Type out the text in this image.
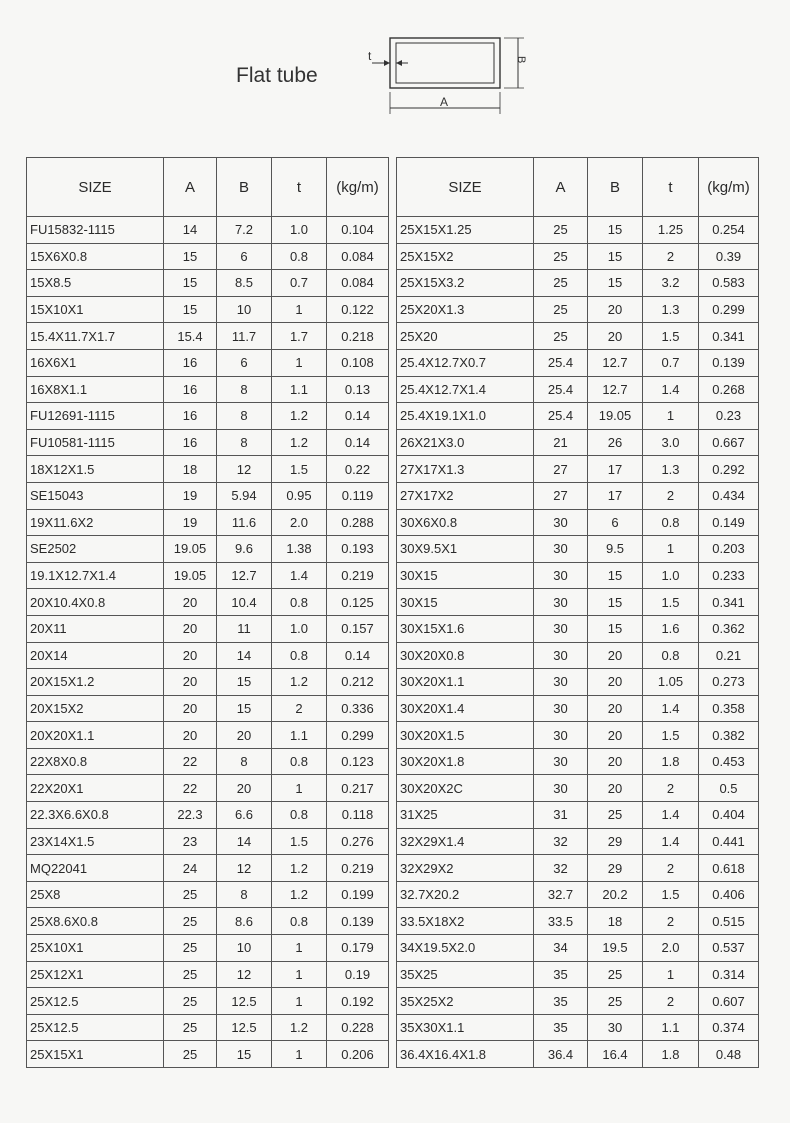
Flat tube
t
A
B
SIZE	A	B	t	(kg/m)
FU15832-1115	14	7.2	1.0	0.104
15X6X0.8	15	6	0.8	0.084
15X8.5	15	8.5	0.7	0.084
15X10X1	15	10	1	0.122
15.4X11.7X1.7	15.4	11.7	1.7	0.218
16X6X1	16	6	1	0.108
16X8X1.1	16	8	1.1	0.13
FU12691-1115	16	8	1.2	0.14
FU10581-1115	16	8	1.2	0.14
18X12X1.5	18	12	1.5	0.22
SE15043	19	5.94	0.95	0.119
19X11.6X2	19	11.6	2.0	0.288
SE2502	19.05	9.6	1.38	0.193
19.1X12.7X1.4	19.05	12.7	1.4	0.219
20X10.4X0.8	20	10.4	0.8	0.125
20X11	20	11	1.0	0.157
20X14	20	14	0.8	0.14
20X15X1.2	20	15	1.2	0.212
20X15X2	20	15	2	0.336
20X20X1.1	20	20	1.1	0.299
22X8X0.8	22	8	0.8	0.123
22X20X1	22	20	1	0.217
22.3X6.6X0.8	22.3	6.6	0.8	0.118
23X14X1.5	23	14	1.5	0.276
MQ22041	24	12	1.2	0.219
25X8	25	8	1.2	0.199
25X8.6X0.8	25	8.6	0.8	0.139
25X10X1	25	10	1	0.179
25X12X1	25	12	1	0.19
25X12.5	25	12.5	1	0.192
25X12.5	25	12.5	1.2	0.228
25X15X1	25	15	1	0.206
SIZE	A	B	t	(kg/m)
25X15X1.25	25	15	1.25	0.254
25X15X2	25	15	2	0.39
25X15X3.2	25	15	3.2	0.583
25X20X1.3	25	20	1.3	0.299
25X20	25	20	1.5	0.341
25.4X12.7X0.7	25.4	12.7	0.7	0.139
25.4X12.7X1.4	25.4	12.7	1.4	0.268
25.4X19.1X1.0	25.4	19.05	1	0.23
26X21X3.0	21	26	3.0	0.667
27X17X1.3	27	17	1.3	0.292
27X17X2	27	17	2	0.434
30X6X0.8	30	6	0.8	0.149
30X9.5X1	30	9.5	1	0.203
30X15	30	15	1.0	0.233
30X15	30	15	1.5	0.341
30X15X1.6	30	15	1.6	0.362
30X20X0.8	30	20	0.8	0.21
30X20X1.1	30	20	1.05	0.273
30X20X1.4	30	20	1.4	0.358
30X20X1.5	30	20	1.5	0.382
30X20X1.8	30	20	1.8	0.453
30X20X2C	30	20	2	0.5
31X25	31	25	1.4	0.404
32X29X1.4	32	29	1.4	0.441
32X29X2	32	29	2	0.618
32.7X20.2	32.7	20.2	1.5	0.406
33.5X18X2	33.5	18	2	0.515
34X19.5X2.0	34	19.5	2.0	0.537
35X25	35	25	1	0.314
35X25X2	35	25	2	0.607
35X30X1.1	35	30	1.1	0.374
36.4X16.4X1.8	36.4	16.4	1.8	0.48
